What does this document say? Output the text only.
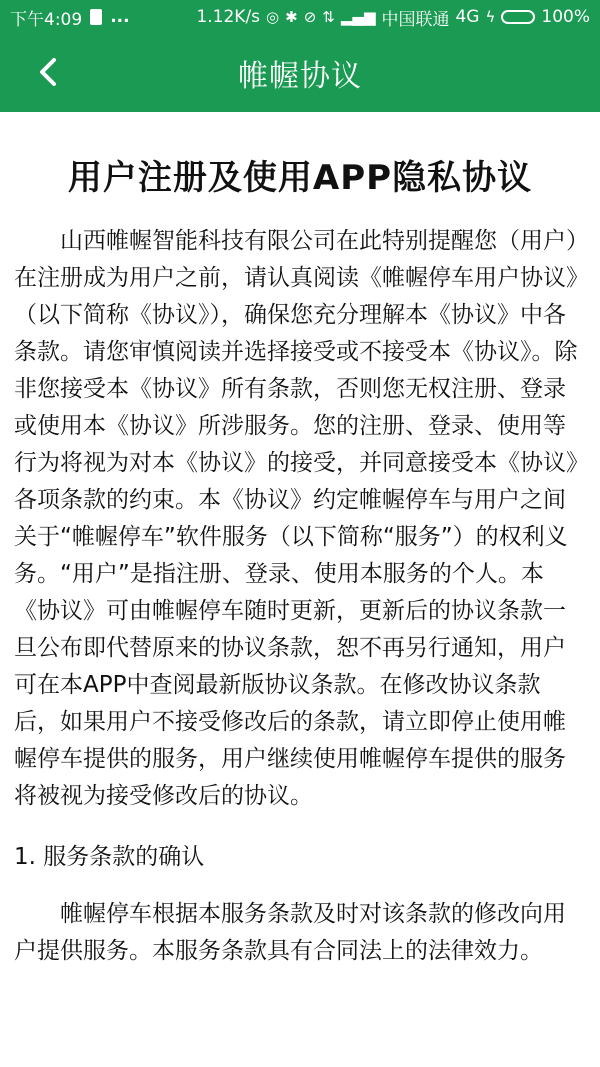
下午4:09 ...	1.12K/s ◎ ✱ ⊘ ⇅ ▂▄▆ 中国联通 4G ϟ	100%
帷幄协议
用户注册及使用APP隐私协议

山西帷幄智能科技有限公司在此特别提醒您（用户）在注册成为用户之前，请认真阅读《帷幄停车用户协议》（以下简称《协议》），确保您充分理解本《协议》中各条款。请您审慎阅读并选择接受或不接受本《协议》。除非您接受本《协议》所有条款，否则您无权注册、登录或使用本《协议》所涉服务。您的注册、登录、使用等行为将视为对本《协议》的接受，并同意接受本《协议》各项条款的约束。本《协议》约定帷幄停车与用户之间关于“帷幄停车”软件服务（以下简称“服务”）的权利义务。“用户”是指注册、登录、使用本服务的个人。本《协议》可由帷幄停车随时更新，更新后的协议条款一旦公布即代替原来的协议条款，恕不再另行通知，用户可在本APP中查阅最新版协议条款。在修改协议条款后，如果用户不接受修改后的条款，请立即停止使用帷幄停车提供的服务，用户继续使用帷幄停车提供的服务将被视为接受修改后的协议。

1. 服务条款的确认

帷幄停车根据本服务条款及时对该条款的修改向用户提供服务。本服务条款具有合同法上的法律效力。
